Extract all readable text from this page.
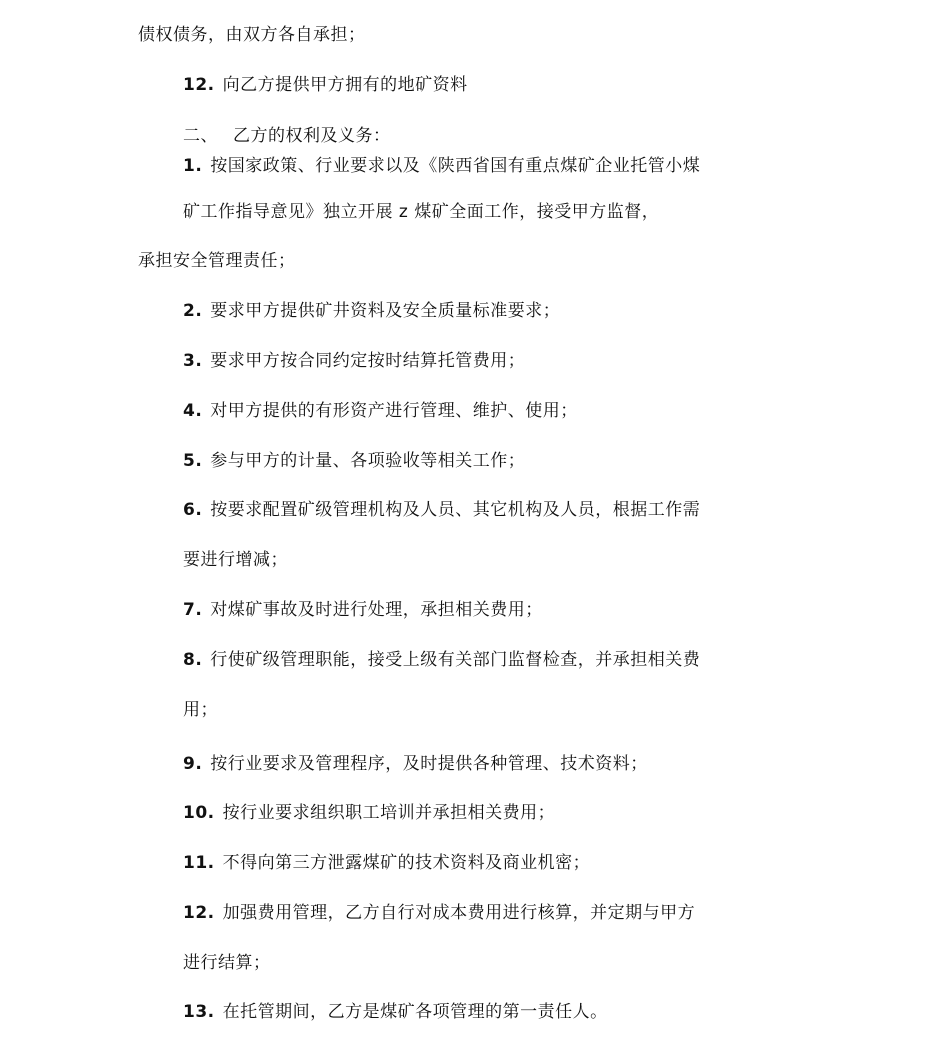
债权债务，由双方各自承担；
12. 向乙方提供甲方拥有的地矿资料
二、 乙方的权利及义务：
1. 按国家政策、行业要求以及《陕西省国有重点煤矿企业托管小煤
矿工作指导意见》独立开展 z 煤矿全面工作，接受甲方监督，
承担安全管理责任；
2. 要求甲方提供矿井资料及安全质量标准要求；
3. 要求甲方按合同约定按时结算托管费用；
4. 对甲方提供的有形资产进行管理、维护、使用；
5. 参与甲方的计量、各项验收等相关工作；
6. 按要求配置矿级管理机构及人员、其它机构及人员，根据工作需
要进行增减；
7. 对煤矿事故及时进行处理，承担相关费用；
8. 行使矿级管理职能，接受上级有关部门监督检查，并承担相关费
用；
9. 按行业要求及管理程序，及时提供各种管理、技术资料；
10. 按行业要求组织职工培训并承担相关费用；
11. 不得向第三方泄露煤矿的技术资料及商业机密；
12. 加强费用管理，乙方自行对成本费用进行核算，并定期与甲方
进行结算；
13. 在托管期间，乙方是煤矿各项管理的第一责任人。
